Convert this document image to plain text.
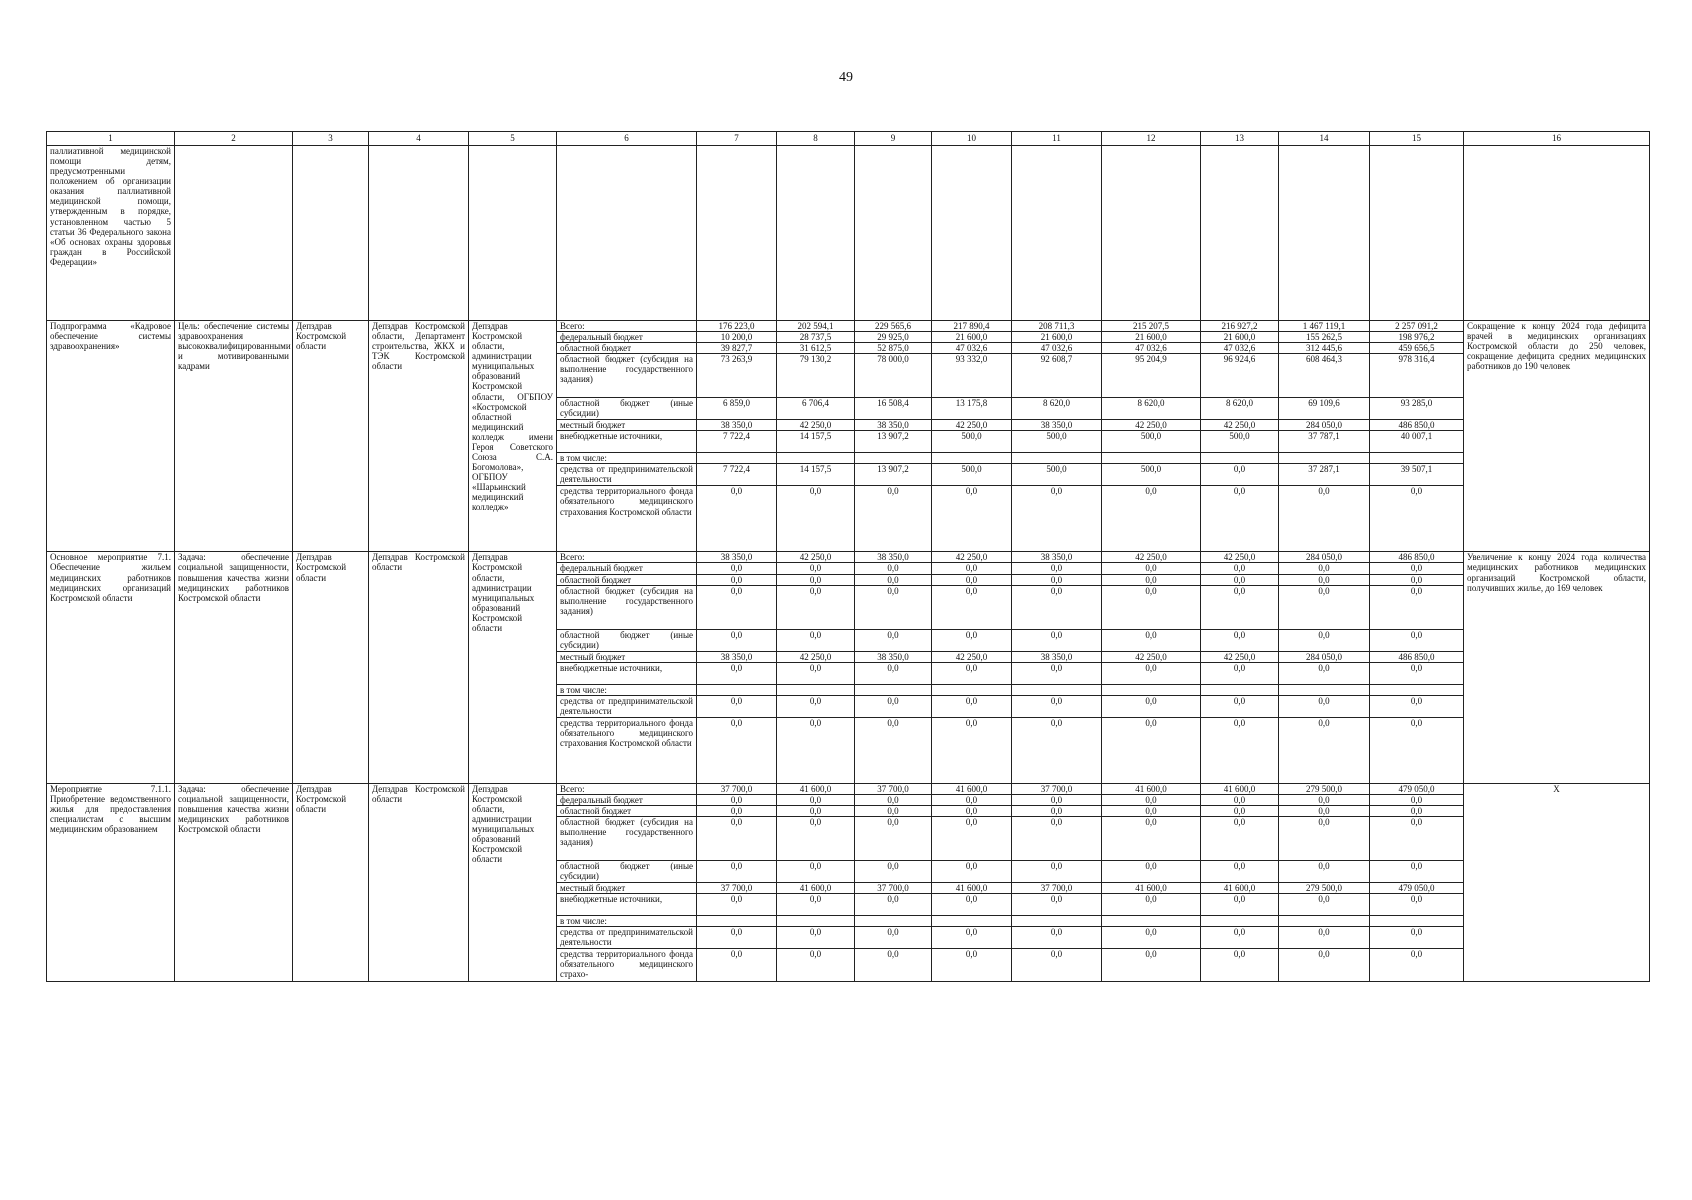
49
1	2	3	4	5	6	7	8	9	10	11	12	13	14	15	16
паллиативной медицинской помощи детям, предусмотренными положением об организации оказания паллиативной медицинской помощи, утвержденным в порядке, установленном частью 5 статьи 36 Федерального закона «Об основах охраны здоровья граждан в Российской Федерации»															
Подпрограмма «Кадровое обеспечение системы здравоохранения»	Цель: обеспечение системы здравоохранения высококвалифицированными и мотивированными кадрами	Депздрав Костромской области	Депздрав Костромской области, Департамент строительства, ЖКХ и ТЭК Костромской области	Депздрав Костромской области, администрации муниципальных образований Костромской области, ОГБПОУ «Костромской областной медицинский колледж имени Героя Советского Союза С.А. Богомолова», ОГБПОУ «Шарьинский медицинский колледж»	Всего:	176 223,0	202 594,1	229 565,6	217 890,4	208 711,3	215 207,5	216 927,2	1 467 119,1	2 257 091,2	Сокращение к концу 2024 года дефицита врачей в медицинских организациях Костромской области до 250 человек, сокращение дефицита средних медицинских работников до 190 человек
					федеральный бюджет	10 200,0	28 737,5	29 925,0	21 600,0	21 600,0	21 600,0	21 600,0	155 262,5	198 976,2	
					областной бюджет	39 827,7	31 612,5	52 875,0	47 032,6	47 032,6	47 032,6	47 032,6	312 445,6	459 656,5	
					областной бюджет (субсидия на выполнение государственного задания)	73 263,9	79 130,2	78 000,0	93 332,0	92 608,7	95 204,9	96 924,6	608 464,3	978 316,4	
					областной бюджет (иные субсидии)	6 859,0	6 706,4	16 508,4	13 175,8	8 620,0	8 620,0	8 620,0	69 109,6	93 285,0	
					местный бюджет	38 350,0	42 250,0	38 350,0	42 250,0	38 350,0	42 250,0	42 250,0	284 050,0	486 850,0	
					внебюджетные источники,	7 722,4	14 157,5	13 907,2	500,0	500,0	500,0	500,0	37 787,1	40 007,1	
					в том числе:										
					средства от предпринимательской деятельности	7 722,4	14 157,5	13 907,2	500,0	500,0	500,0	0,0	37 287,1	39 507,1	
					средства территориального фонда обязательного медицинского страхования Костромской области	0,0	0,0	0,0	0,0	0,0	0,0	0,0	0,0	0,0	
Основное мероприятие 7.1. Обеспечение жильем медицинских работников медицинских организаций Костромской области	Задача: обеспечение социальной защищенности, повышения качества жизни медицинских работников Костромской области	Депздрав Костромской области	Депздрав Костромской области	Депздрав Костромской области, администрации муниципальных образований Костромской области	Всего:	38 350,0	42 250,0	38 350,0	42 250,0	38 350,0	42 250,0	42 250,0	284 050,0	486 850,0	Увеличение к концу 2024 года количества медицинских работников медицинских организаций Костромской области, получивших жилье, до 169 человек
					федеральный бюджет	0,0	0,0	0,0	0,0	0,0	0,0	0,0	0,0	0,0	
					областной бюджет	0,0	0,0	0,0	0,0	0,0	0,0	0,0	0,0	0,0	
					областной бюджет (субсидия на выполнение государственного задания)	0,0	0,0	0,0	0,0	0,0	0,0	0,0	0,0	0,0	
					областной бюджет (иные субсидии)	0,0	0,0	0,0	0,0	0,0	0,0	0,0	0,0	0,0	
					местный бюджет	38 350,0	42 250,0	38 350,0	42 250,0	38 350,0	42 250,0	42 250,0	284 050,0	486 850,0	
					внебюджетные источники,	0,0	0,0	0,0	0,0	0,0	0,0	0,0	0,0	0,0	
					в том числе:										
					средства от предпринимательской деятельности	0,0	0,0	0,0	0,0	0,0	0,0	0,0	0,0	0,0	
					средства территориального фонда обязательного медицинского страхования Костромской области	0,0	0,0	0,0	0,0	0,0	0,0	0,0	0,0	0,0	
Мероприятие 7.1.1. Приобретение ведомственного жилья для предоставления специалистам с высшим медицинским образованием	Задача: обеспечение социальной защищенности, повышения качества жизни медицинских работников Костромской области	Депздрав Костромской области	Депздрав Костромской области	Депздрав Костромской области, администрации муниципальных образований Костромской области	Всего:	37 700,0	41 600,0	37 700,0	41 600,0	37 700,0	41 600,0	41 600,0	279 500,0	479 050,0	Х
					федеральный бюджет	0,0	0,0	0,0	0,0	0,0	0,0	0,0	0,0	0,0	
					областной бюджет	0,0	0,0	0,0	0,0	0,0	0,0	0,0	0,0	0,0	
					областной бюджет (субсидия на выполнение государственного задания)	0,0	0,0	0,0	0,0	0,0	0,0	0,0	0,0	0,0	
					областной бюджет (иные субсидии)	0,0	0,0	0,0	0,0	0,0	0,0	0,0	0,0	0,0	
					местный бюджет	37 700,0	41 600,0	37 700,0	41 600,0	37 700,0	41 600,0	41 600,0	279 500,0	479 050,0	
					внебюджетные источники,	0,0	0,0	0,0	0,0	0,0	0,0	0,0	0,0	0,0	
					в том числе:										
					средства от предпринимательской деятельности	0,0	0,0	0,0	0,0	0,0	0,0	0,0	0,0	0,0	
					средства территориального фонда обязательного медицинского страхо-	0,0	0,0	0,0	0,0	0,0	0,0	0,0	0,0	0,0	
